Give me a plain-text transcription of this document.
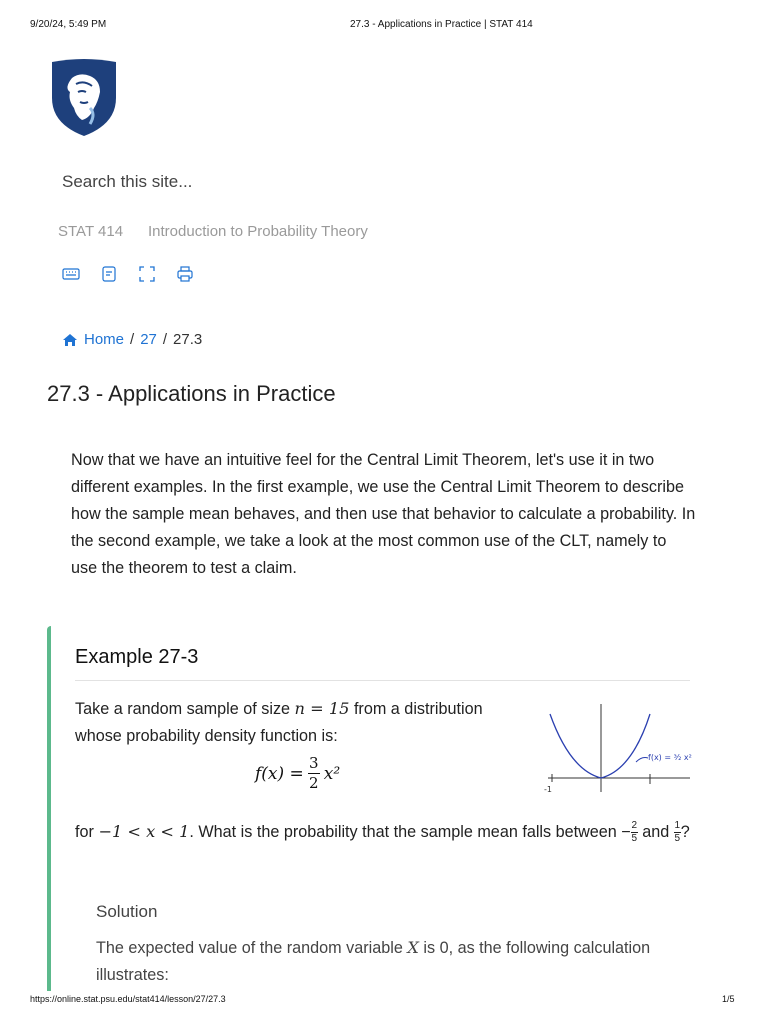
9/20/24, 5:49 PM	27.3 - Applications in Practice | STAT 414
Search this site...
STAT 414 Introduction to Probability Theory
Home / 27 / 27.3
27.3 - Applications in Practice
Now that we have an intuitive feel for the Central Limit Theorem, let's use it in two different examples. In the first example, we use the Central Limit Theorem to describe how the sample mean behaves, and then use that behavior to calculate a probability. In the second example, we take a look at the most common use of the CLT, namely to use the theorem to test a claim.
Example 27-3
Take a random sample of size n = 15 from a distribution whose probability density function is:
$f(x) = \frac{3}{2} x^2$
f(x) = ³⁄₂ x²
-1
for −1 < x < 1. What is the probability that the sample mean falls between − $\frac{2}{5}$ and $\frac{1}{5}$ ?
Solution
The expected value of the random variable X is 0, as the following calculation illustrates:
https://online.stat.psu.edu/stat414/lesson/27/27.3	1/5
